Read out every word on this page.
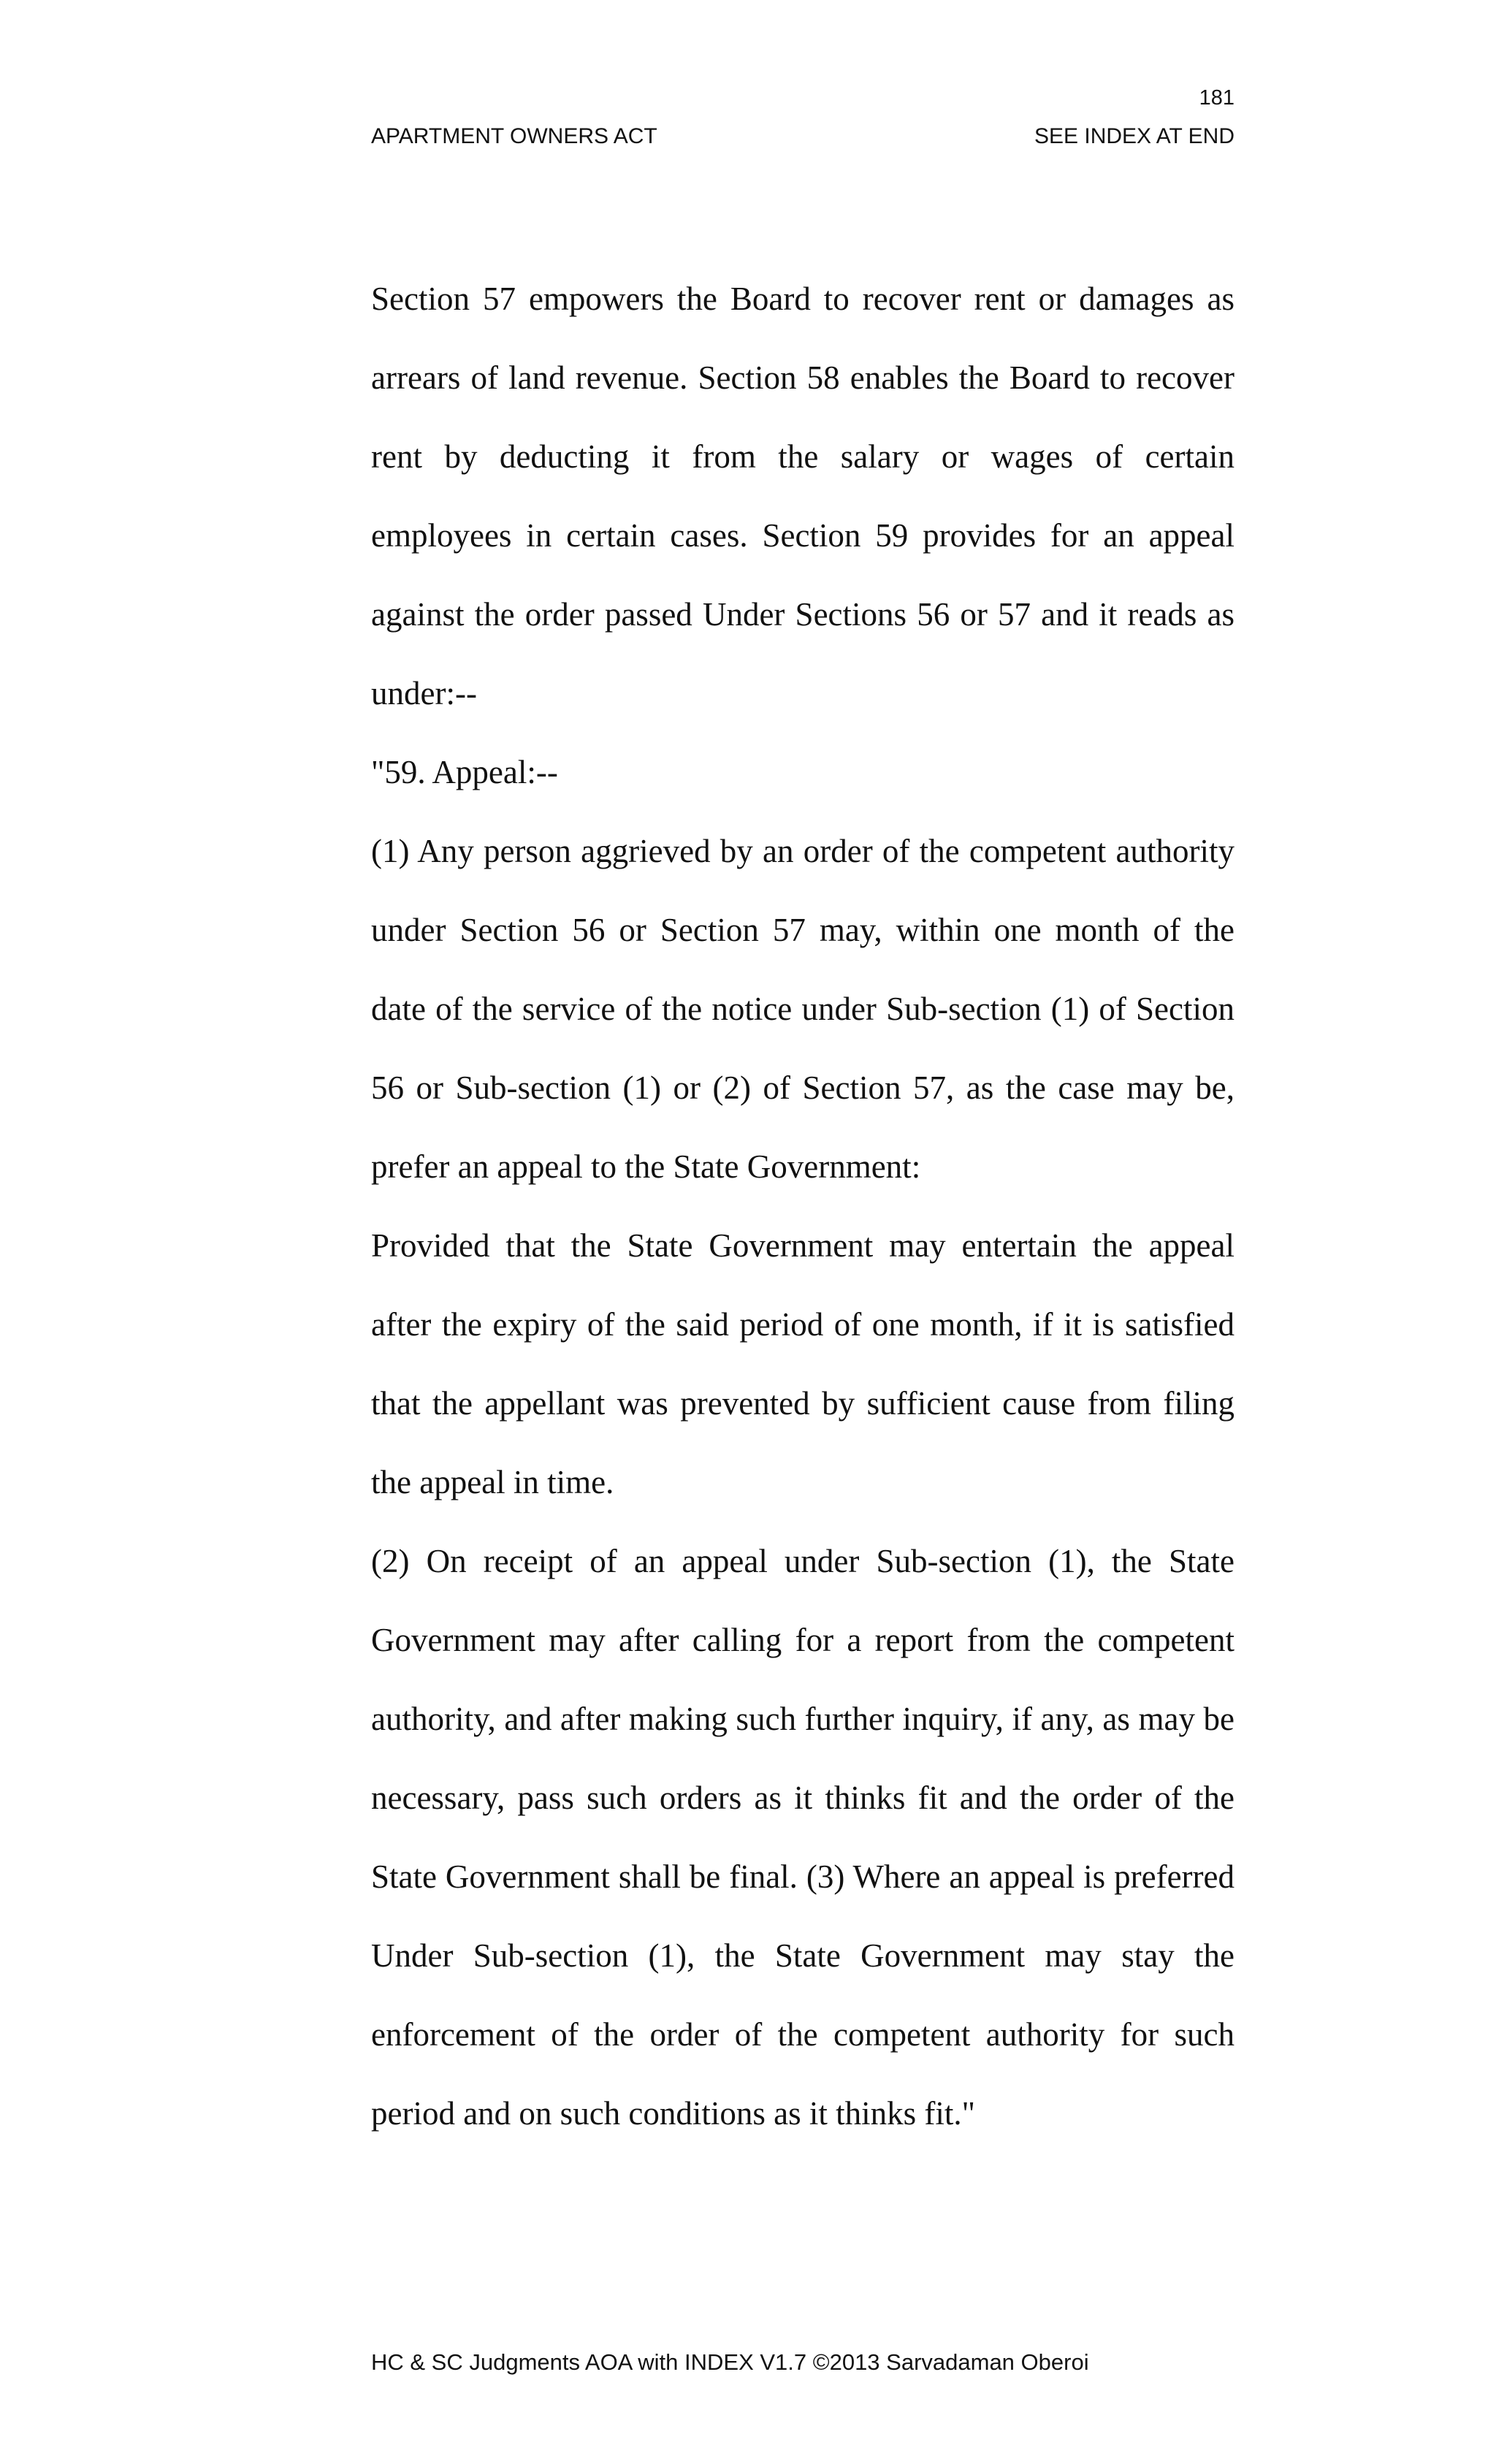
181
APARTMENT OWNERS ACT	SEE INDEX AT END

Section 57 empowers the Board to recover rent or damages as arrears of land revenue. Section 58 enables the Board to recover rent by deducting it from the salary or wages of certain employees in certain cases. Section 59 provides for an appeal against the order passed Under Sections 56 or 57 and it reads as under:--

"59. Appeal:--

(1) Any person aggrieved by an order of the competent authority under Section 56 or Section 57 may, within one month of the date of the service of the notice under Sub-section (1) of Section 56 or Sub-section (1) or (2) of Section 57, as the case may be, prefer an appeal to the State Government:

Provided that the State Government may entertain the appeal after the expiry of the said period of one month, if it is satisfied that the appellant was prevented by sufficient cause from filing the appeal in time.

(2) On receipt of an appeal under Sub-section (1), the State Government may after calling for a report from the competent authority, and after making such further inquiry, if any, as may be necessary, pass such orders as it thinks fit and the order of the State Government shall be final. (3) Where an appeal is preferred Under Sub-section (1), the State Government may stay the enforcement of the order of the competent authority for such period and on such conditions as it thinks fit."

HC & SC Judgments AOA with INDEX V1.7 ©2013 Sarvadaman Oberoi
